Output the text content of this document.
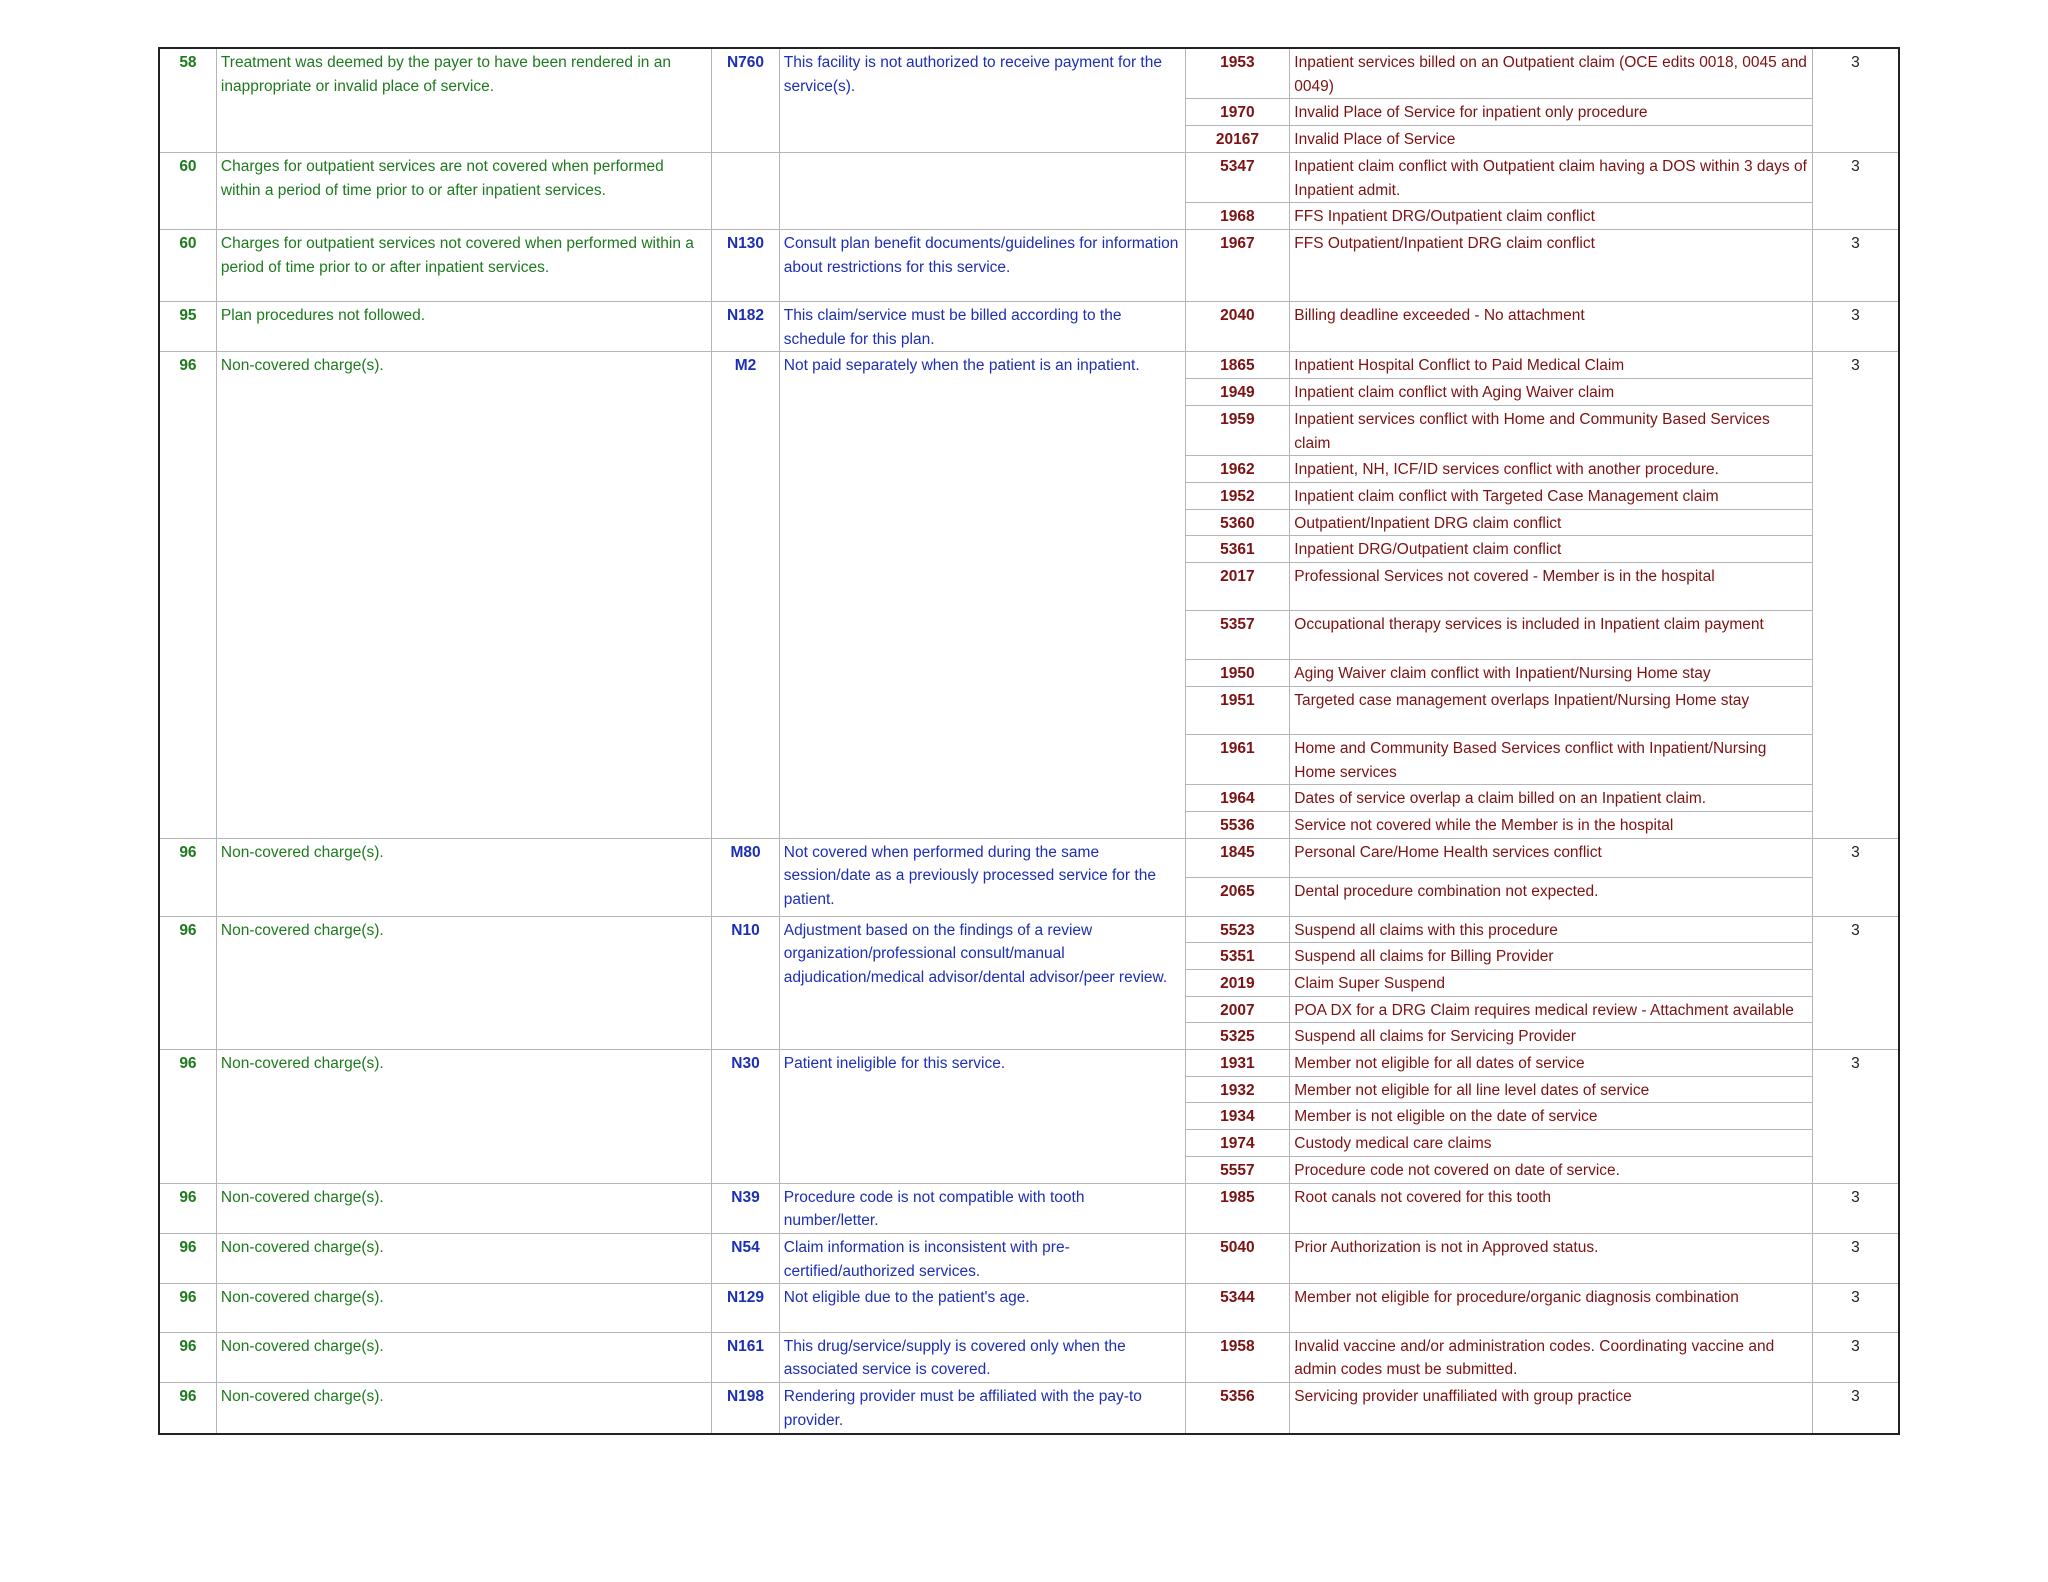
58	Treatment was deemed by the payer to have been rendered in an inappropriate or invalid place of service.	N760	This facility is not authorized to receive payment for the service(s).	1953	Inpatient services billed on an Outpatient claim (OCE edits 0018, 0045 and 0049)	3
				1970	Invalid Place of Service for inpatient only procedure	
				20167	Invalid Place of Service	
60	Charges for outpatient services are not covered when performed within a period of time prior to or after inpatient services.			5347	Inpatient claim conflict with Outpatient claim having a DOS within 3 days of Inpatient admit.	3
				1968	FFS Inpatient DRG/Outpatient claim conflict	
60	Charges for outpatient services not covered when performed within a period of time prior to or after inpatient services.	N130	Consult plan benefit documents/guidelines for information about restrictions for this service.	1967	FFS Outpatient/Inpatient DRG claim conflict	3
95	Plan procedures not followed.	N182	This claim/service must be billed according to the schedule for this plan.	2040	Billing deadline exceeded - No attachment	3
96	Non-covered charge(s).	M2	Not paid separately when the patient is an inpatient.	1865	Inpatient Hospital Conflict to Paid Medical Claim	3
				1949	Inpatient claim conflict with Aging Waiver claim	
				1959	Inpatient services conflict with Home and Community Based Services claim	
				1962	Inpatient, NH, ICF/ID services conflict with another procedure.	
				1952	Inpatient claim conflict with Targeted Case Management claim	
				5360	Outpatient/Inpatient DRG claim conflict	
				5361	Inpatient DRG/Outpatient claim conflict	
				2017	Professional Services not covered - Member is in the hospital	
				5357	Occupational therapy services is included in Inpatient claim payment	
				1950	Aging Waiver claim conflict with Inpatient/Nursing Home stay	
				1951	Targeted case management overlaps Inpatient/Nursing Home stay	
				1961	Home and Community Based Services conflict with Inpatient/Nursing Home services	
				1964	Dates of service overlap a claim billed on an Inpatient claim.	
				5536	Service not covered while the Member is in the hospital	
96	Non-covered charge(s).	M80	Not covered when performed during the same session/date as a previously processed service for the patient.	1845	Personal Care/Home Health services conflict	3
				2065	Dental procedure combination not expected.	
96	Non-covered charge(s).	N10	Adjustment based on the findings of a review organization/professional consult/manual adjudication/medical advisor/dental advisor/peer review.	5523	Suspend all claims with this procedure	3
				5351	Suspend all claims for Billing Provider	
				2019	Claim Super Suspend	
				2007	POA DX for a DRG Claim requires medical review - Attachment available	
				5325	Suspend all claims for Servicing Provider	
96	Non-covered charge(s).	N30	Patient ineligible for this service.	1931	Member not eligible for all dates of service	3
				1932	Member not eligible for all line level dates of service	
				1934	Member is not eligible on the date of service	
				1974	Custody medical care claims	
				5557	Procedure code not covered on date of service.	
96	Non-covered charge(s).	N39	Procedure code is not compatible with tooth number/letter.	1985	Root canals not covered for this tooth	3
96	Non-covered charge(s).	N54	Claim information is inconsistent with pre-certified/authorized services.	5040	Prior Authorization is not in Approved status.	3
96	Non-covered charge(s).	N129	Not eligible due to the patient's age.	5344	Member not eligible for procedure/organic diagnosis combination	3
96	Non-covered charge(s).	N161	This drug/service/supply is covered only when the associated service is covered.	1958	Invalid vaccine and/or administration codes. Coordinating vaccine and admin codes must be submitted.	3
96	Non-covered charge(s).	N198	Rendering provider must be affiliated with the pay-to provider.	5356	Servicing provider unaffiliated with group practice	3
